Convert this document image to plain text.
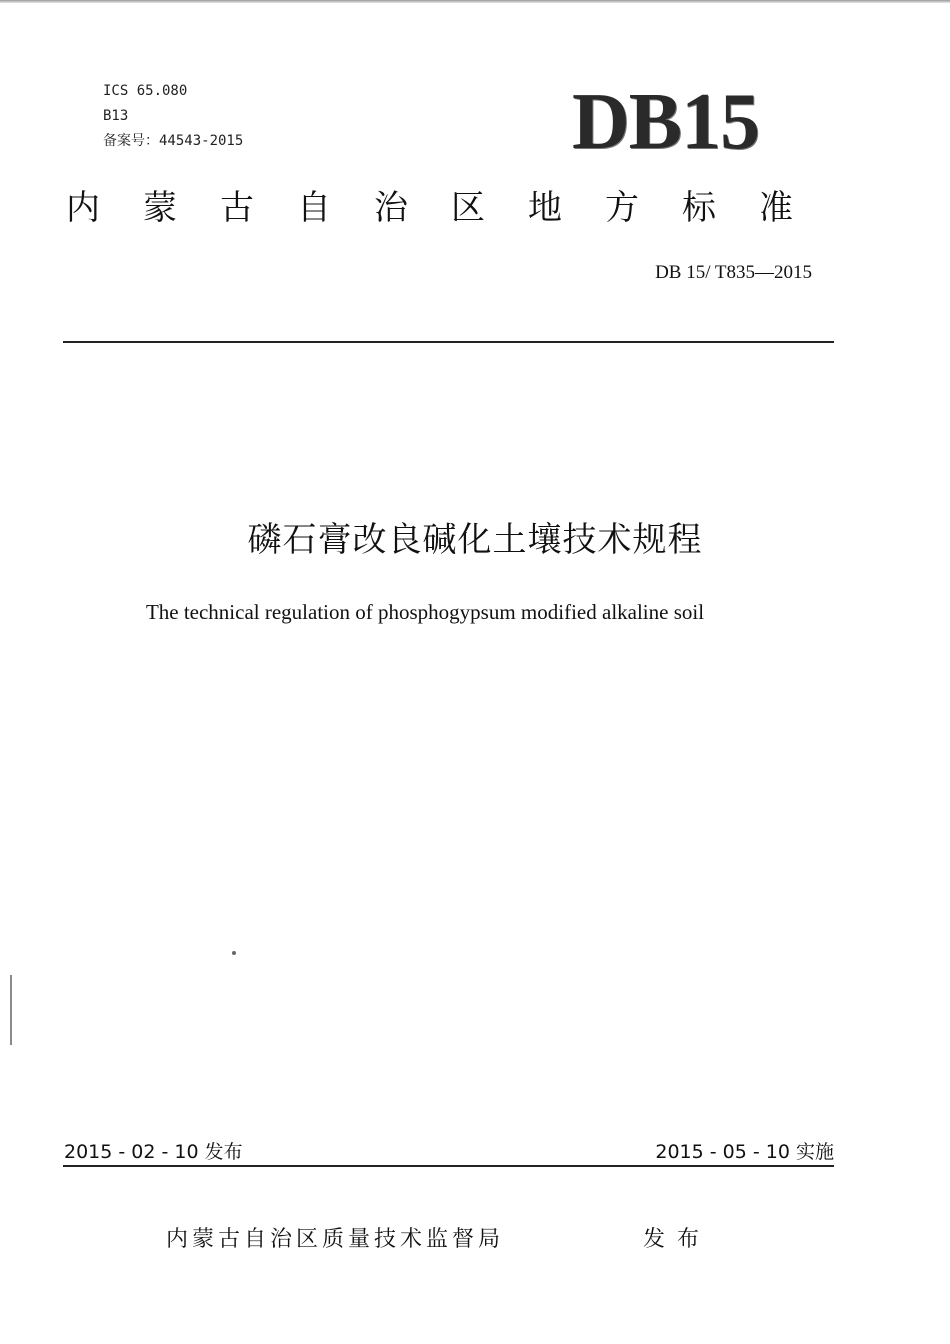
ICS 65.080
B13
备案号：44543-2015	DB15
内蒙古自治区地方标准
DB 15/ T835—2015
磷石膏改良碱化土壤技术规程
The technical regulation of phosphogypsum modified alkaline soil
2015 - 02 - 10 发布	2015 - 05 - 10 实施
内蒙古自治区质量技术监督局	发布
